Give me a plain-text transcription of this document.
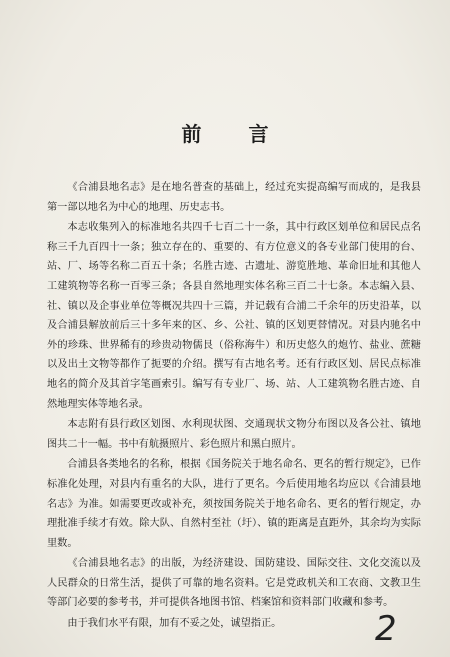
前 言

《合浦县地名志》是在地名普查的基础上，经过充实提高编写而成的，是我县第一部以地名为中心的地理、历史志书。

本志收集列入的标准地名共四千七百二十一条，其中行政区划单位和居民点名称三千九百四十一条；独立存在的、重要的、有方位意义的各专业部门使用的台、站、厂、场等名称二百五十条；名胜古迹、古遗址、游览胜地、革命旧址和其他人工建筑物等名称一百零三条；各县自然地理实体名称三百二十七条。本志编入县、社、镇以及企事业单位等概况共四十三篇，并记载有合浦二千余年的历史沿革，以及合浦县解放前后三十多年来的区、乡、公社、镇的区划更替情况。对县内驰名中外的珍珠、世界稀有的珍贵动物儒艮（俗称海牛）和历史悠久的炮竹、盐业、蔗糖以及出土文物等都作了扼要的介绍。撰写有古地名考。还有行政区划、居民点标准地名的简介及其首字笔画索引。编写有专业厂、场、站、人工建筑物名胜古迹、自然地理实体等地名录。

本志附有县行政区划图、水利现状图、交通现状文物分布图以及各公社、镇地图共二十一幅。书中有航摄照片、彩色照片和黑白照片。

合浦县各类地名的名称，根据《国务院关于地名命名、更名的暂行规定》，已作标准化处理，对县内有重名的大队，进行了更名。今后使用地名均应以《合浦县地名志》为准。如需要更改或补充，须按国务院关于地名命名、更名的暂行规定，办理批准手续才有效。除大队、自然村至社（圩）、镇的距离是直距外，其余均为实际里数。

《合浦县地名志》的出版，为经济建设、国防建设、国际交往、文化交流以及人民群众的日常生活，提供了可靠的地名资料。它是党政机关和工农商、文教卫生等部门必要的参考书，并可提供各地图书馆、档案馆和资料部门收藏和参考。

由于我们水平有限，加有不妥之处，诚望指正。	2
